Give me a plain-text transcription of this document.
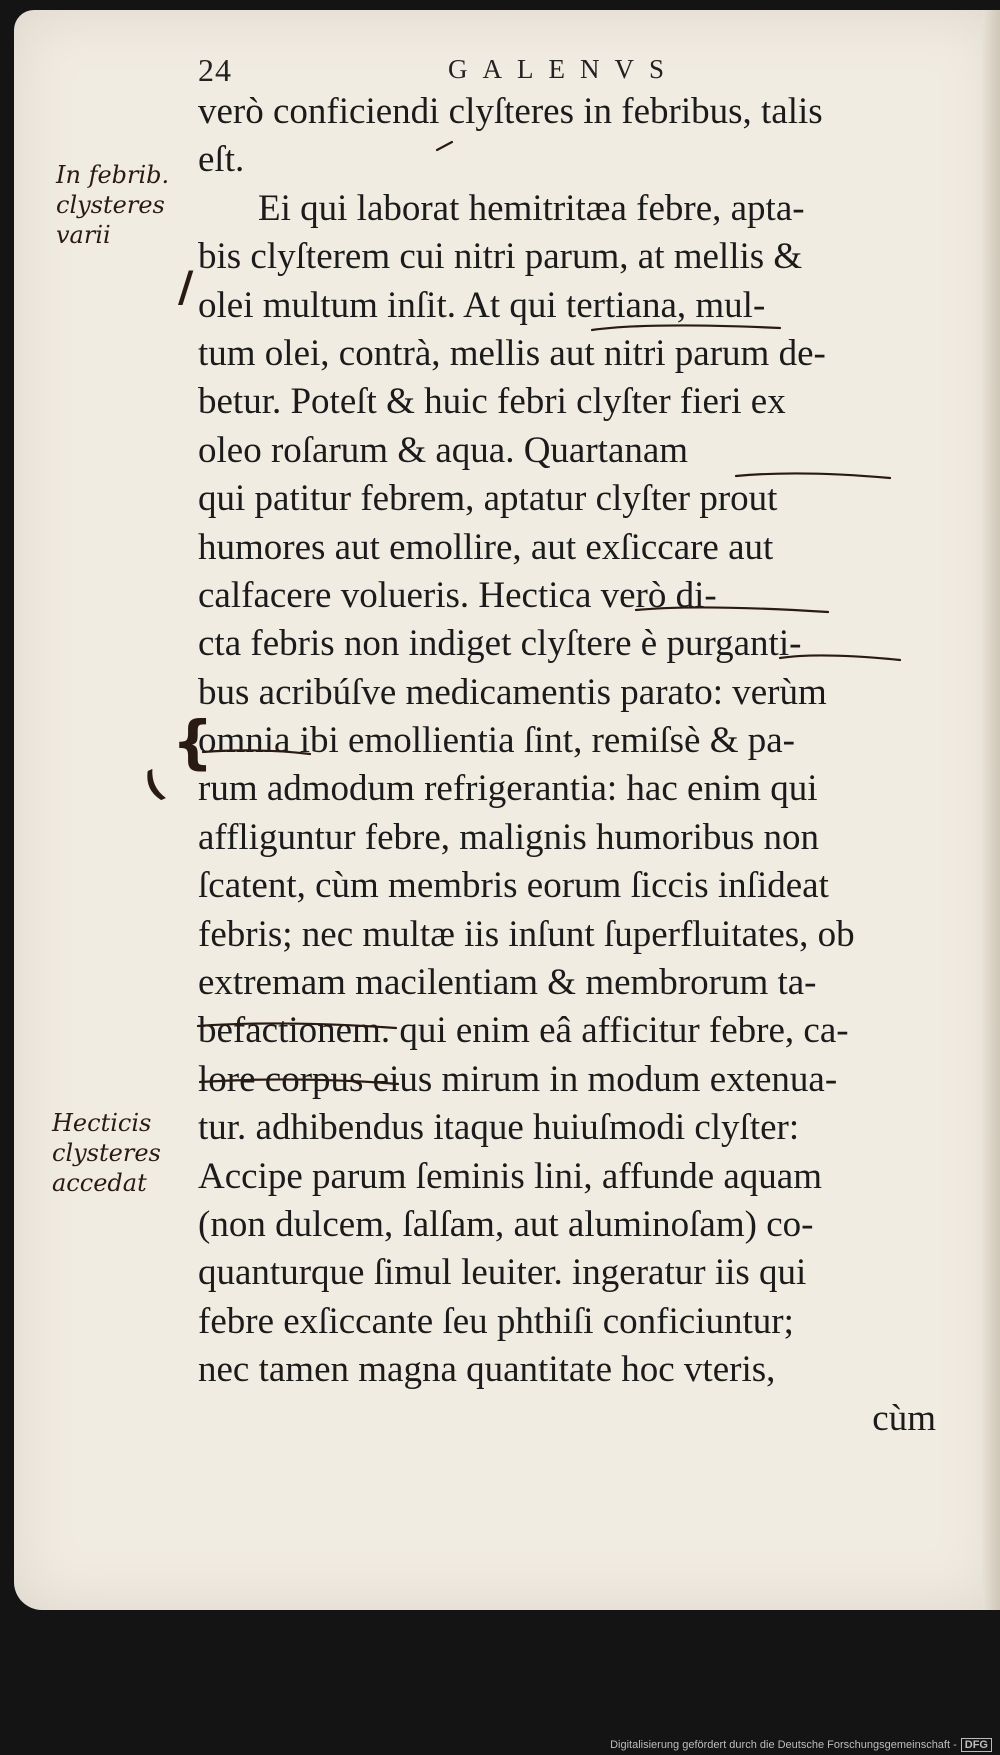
24	GALENVS
verò conficiendi clyſteres in febribus, talis
eſt.
Ei qui laborat hemitritæa febre, apta-
bis clyſterem cui nitri parum, at mellis &
olei multum inſit. At qui tertiana, mul-
tum olei, contrà, mellis aut nitri parum de-
betur. Poteſt & huic febri clyſter fieri ex
oleo roſarum & aqua. Quartanam
qui patitur febrem, aptatur clyſter prout
humores aut emollire, aut exſiccare aut
calfacere volueris. Hectica verò di-
cta febris non indiget clyſtere è purganti-
bus acribúſve medicamentis parato: verùm
omnia ibi emollientia ſint, remiſsè & pa-
rum admodum refrigerantia: hac enim qui
affliguntur febre, malignis humoribus non
ſcatent, cùm membris eorum ſiccis inſideat
febris; nec multæ iis inſunt ſuperfluitates, ob
extremam macilentiam & membrorum ta-
befactionem. qui enim eâ afficitur febre, ca-
lore corpus eius mirum in modum extenua-
tur. adhibendus itaque huiuſmodi clyſter:
Accipe parum ſeminis lini, affunde aquam
(non dulcem, ſalſam, aut aluminoſam) co-
quanturque ſimul leuiter. ingeratur iis qui
febre exſiccante ſeu phthiſi conficiuntur;
nec tamen magna quantitate hoc vteris,
cùm
In febrib.
clysteres
varii
Hecticis
clysteres
accedat
/
{
(
Digitalisierung gefördert durch die Deutsche Forschungsgemeinschaft - DFG
